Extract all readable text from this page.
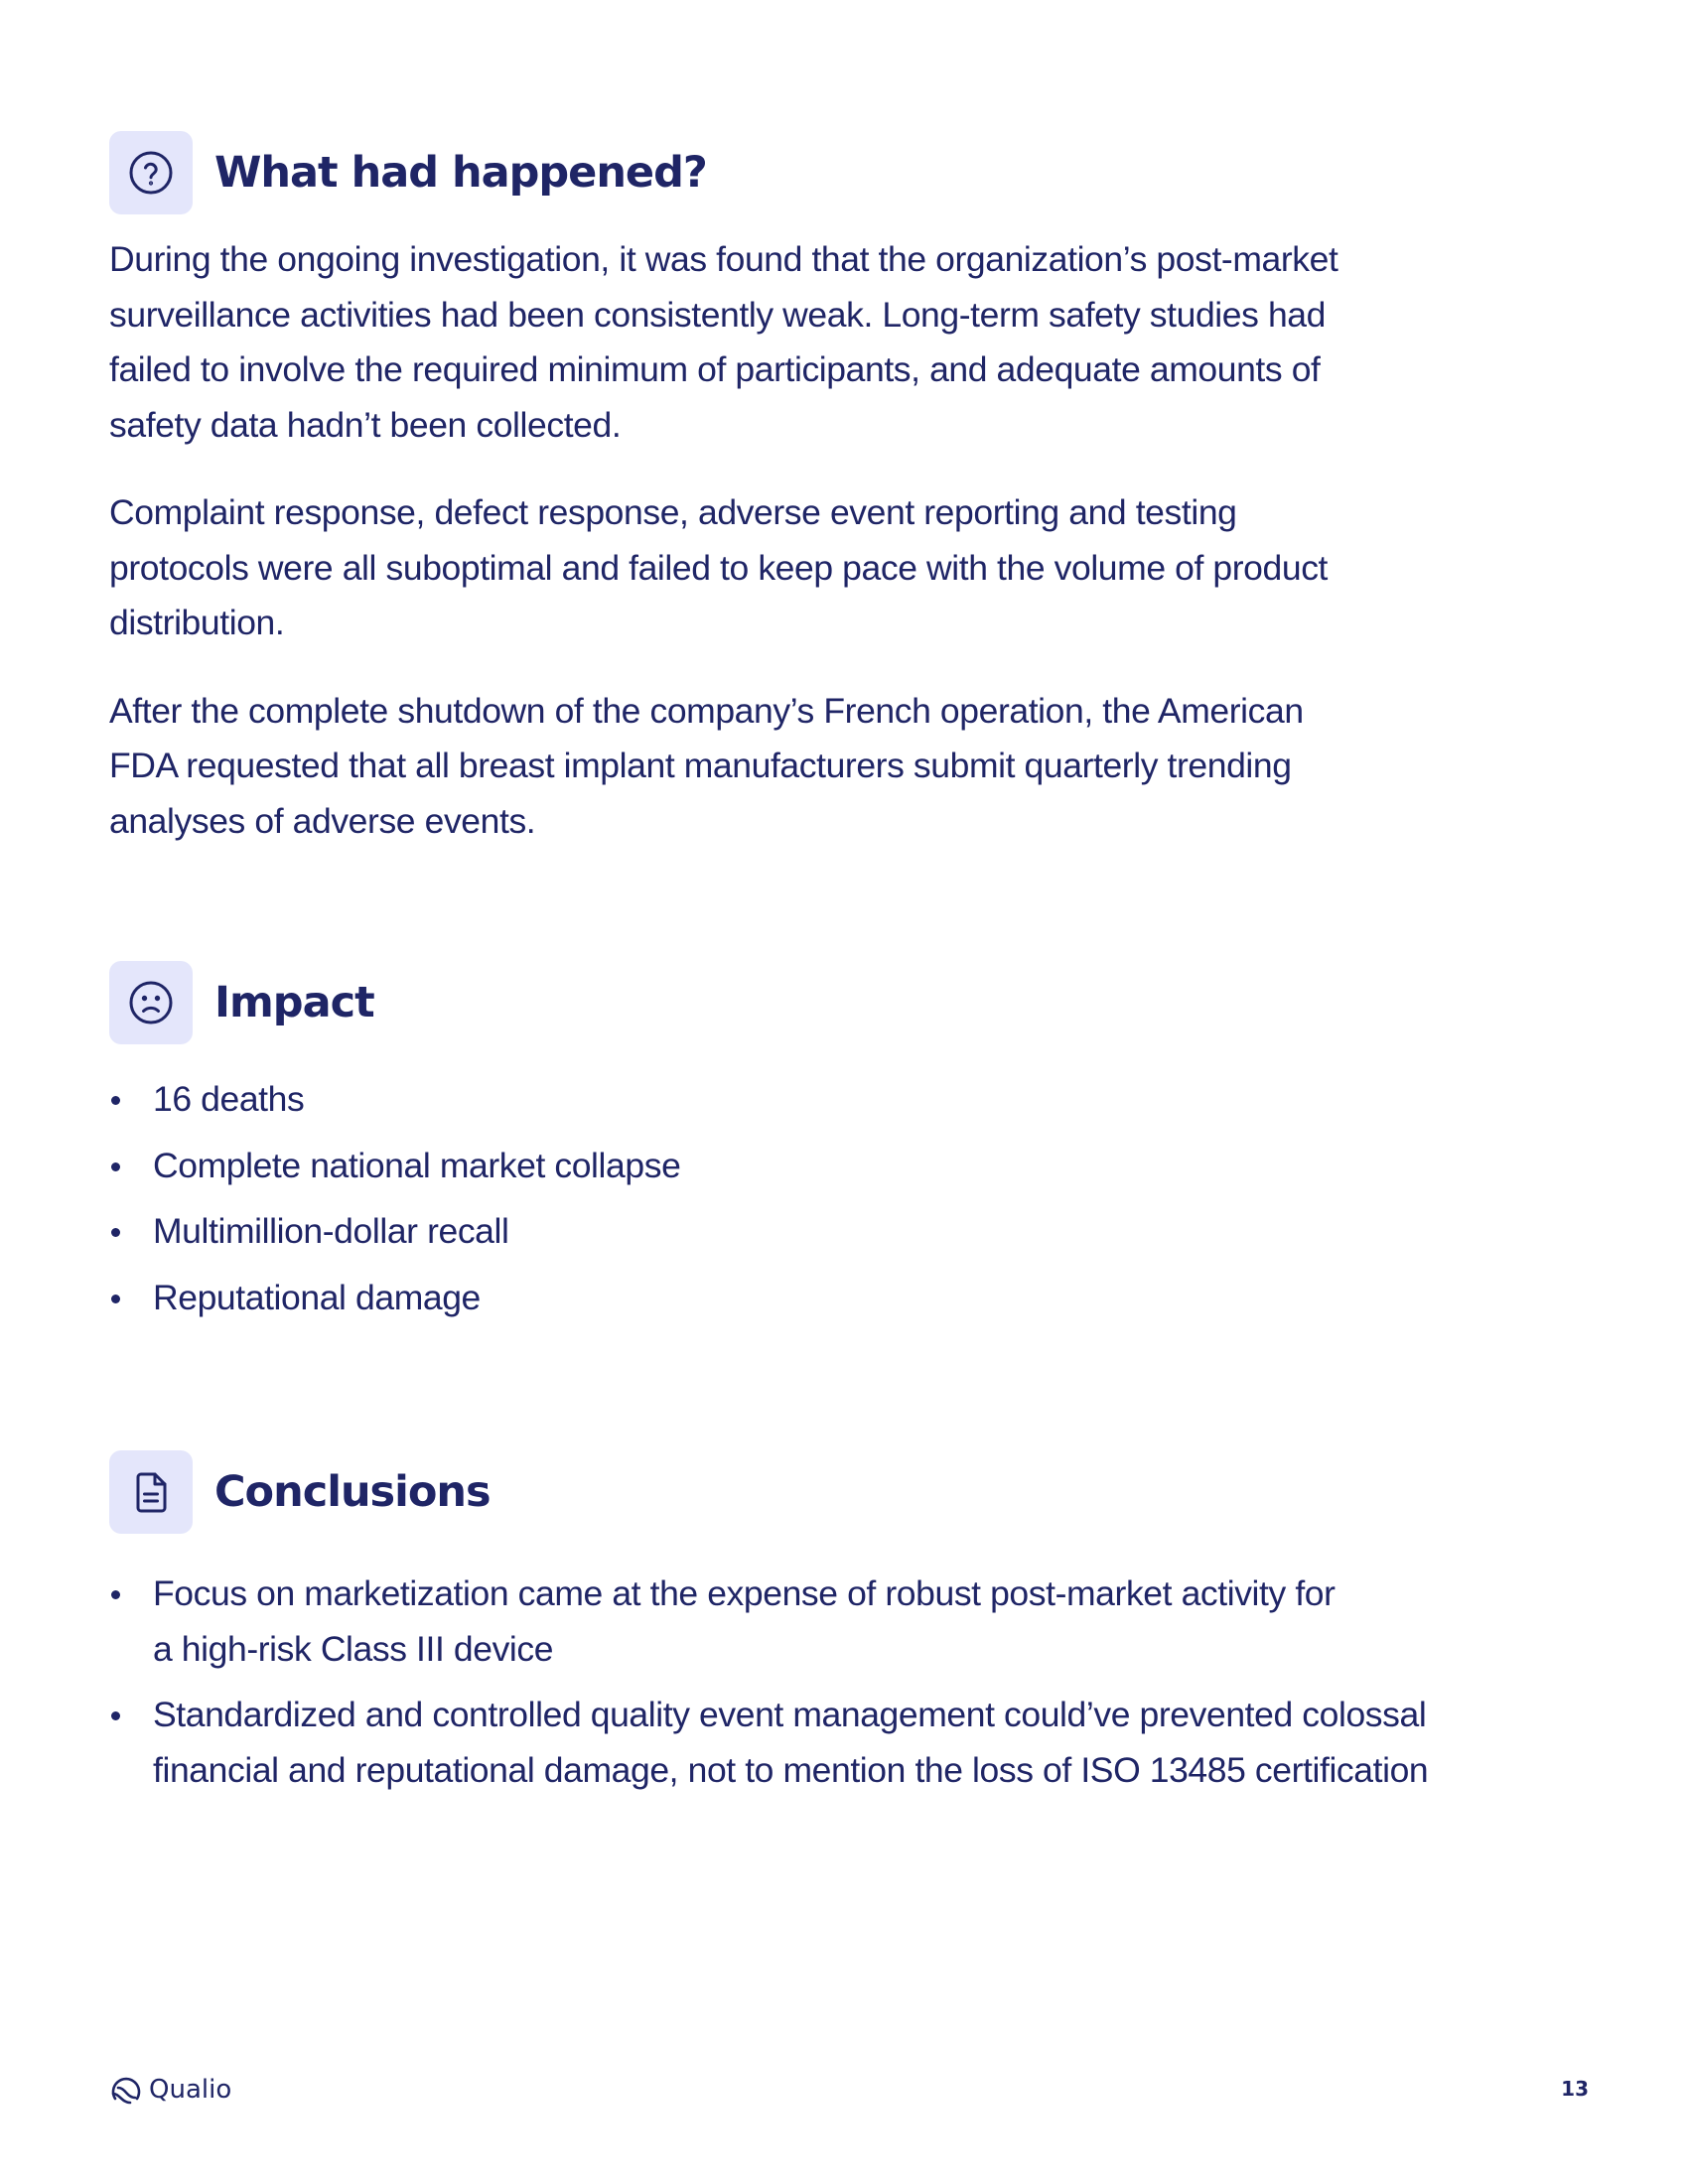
What had happened?

During the ongoing investigation, it was found that the organization’s post-market surveillance activities had been consistently weak. Long-term safety studies had failed to involve the required minimum of participants, and adequate amounts of safety data hadn’t been collected.

Complaint response, defect response, adverse event reporting and testing protocols were all suboptimal and failed to keep pace with the volume of product distribution.

After the complete shutdown of the company’s French operation, the American FDA requested that all breast implant manufacturers submit quarterly trending analyses of adverse events.

Impact
16 deaths
Complete national market collapse
Multimillion-dollar recall
Reputational damage
Conclusions
Focus on marketization came at the expense of robust post-market activity for a high-risk Class III device
Standardized and controlled quality event management could’ve prevented colossal financial and reputational damage, not to mention the loss of ISO 13485 certification
Qualio	13
